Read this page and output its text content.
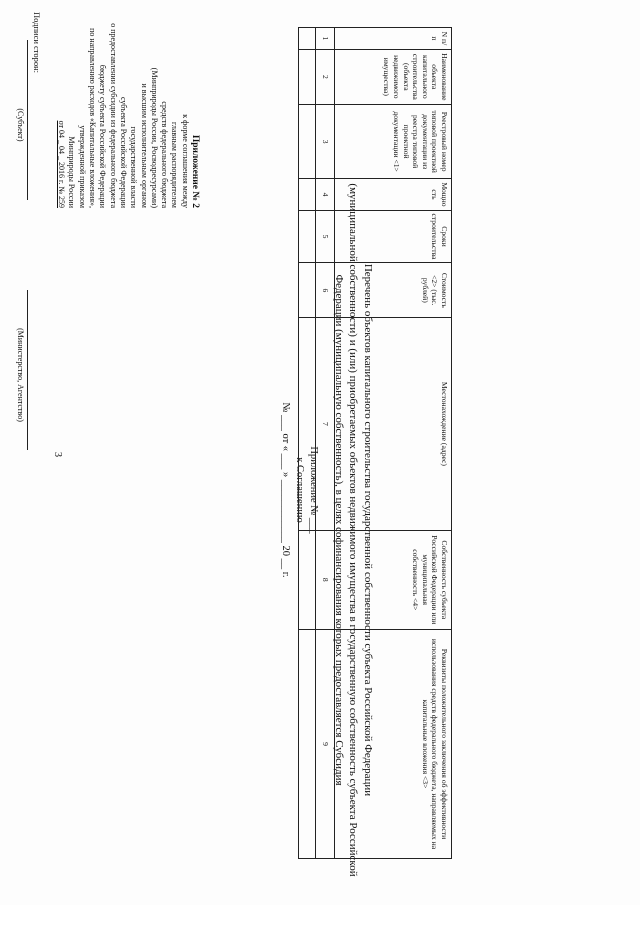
3
Приложение № 2
к форме соглашения между
главным распорядителем
средств федерального бюджета
(Минприроды России, Росводресурсами)
и высшим исполнительным органом
государственной власти
субъекта Российской Федерации
о предоставлении субсидии из федерального бюджета
бюджету субъекта Российской Федерации
по направлению расходов «Капитальные вложения»,
утвержденной приказом
Минприроды России
от 04 _ 04 _ 2016 г. № 259
Приложение № ___
к Соглашению
№ ___ от « ___ » ____________ 20 __ г.	Перечень объектов капитального строительства государственной собственности субъекта Российской Федерации
(муниципальной собственности) и (или) приобретаемых объектов недвижимого имущества в государственную собственность субъекта Российской
Федерации (муниципальную собственность), в целях софинансирования которых предоставляется Субсидия
N п/п	Наименование объекта капитального строительства (объекта недвижимого имущества)	Реестровый номер типовой проектной документации из реестра типовой проектной документации <1>	Мощно сть	Сроки строительства	Стоимость <2> (тыс. рублей)	Местонахождение (адрес)	Собственность субъекта Российской Федерации или муниципальная собственность <4>	Реквизиты положительного заключения об эффективности использования средств федерального бюджета, направляемых на капитальные вложения <3>
1	2	3	4	5	6	7	8	9

Подписи сторон:
(Субъект)
(Министерство, Агентство)
